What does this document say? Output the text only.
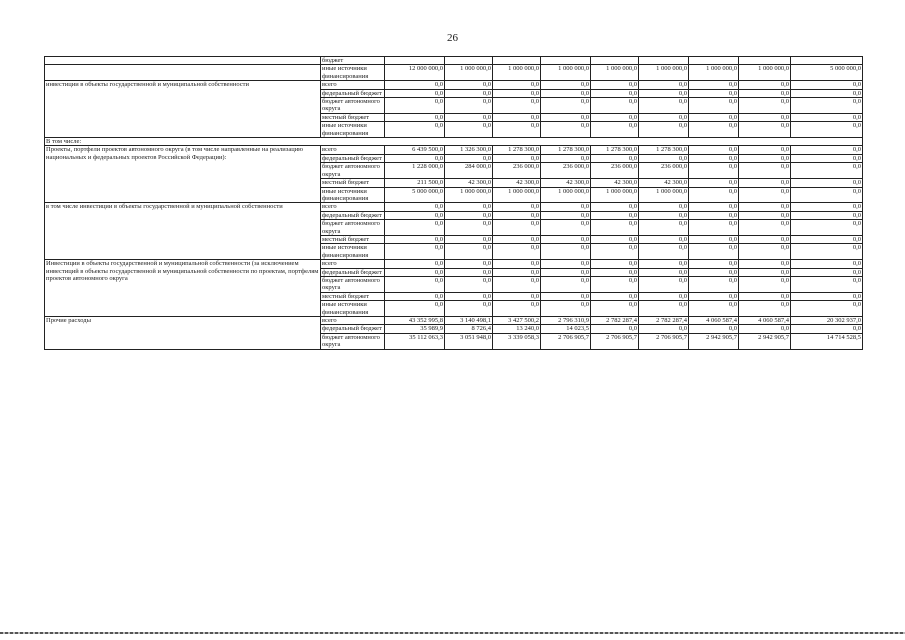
26
	бюджет									
	иные источники финансирования	12 000 000,0	1 000 000,0	1 000 000,0	1 000 000,0	1 000 000,0	1 000 000,0	1 000 000,0	1 000 000,0	5 000 000,0
инвестиции в объекты государственной и муниципальной собственности	всего	0,0	0,0	0,0	0,0	0,0	0,0	0,0	0,0	0,0
	федеральный бюджет	0,0	0,0	0,0	0,0	0,0	0,0	0,0	0,0	0,0
	бюджет автономного округа	0,0	0,0	0,0	0,0	0,0	0,0	0,0	0,0	0,0
	местный бюджет	0,0	0,0	0,0	0,0	0,0	0,0	0,0	0,0	0,0
	иные источники финансирования	0,0	0,0	0,0	0,0	0,0	0,0	0,0	0,0	0,0
В том числе:										
Проекты, портфели проектов автономного округа (в том числе направленные на реализацию национальных и федеральных проектов Российской Федерации):	всего	6 439 500,0	1 326 300,0	1 278 300,0	1 278 300,0	1 278 300,0	1 278 300,0	0,0	0,0	0,0
	федеральный бюджет	0,0	0,0	0,0	0,0	0,0	0,0	0,0	0,0	0,0
	бюджет автономного округа	1 228 000,0	284 000,0	236 000,0	236 000,0	236 000,0	236 000,0	0,0	0,0	0,0
	местный бюджет	211 500,0	42 300,0	42 300,0	42 300,0	42 300,0	42 300,0	0,0	0,0	0,0
	иные источники финансирования	5 000 000,0	1 000 000,0	1 000 000,0	1 000 000,0	1 000 000,0	1 000 000,0	0,0	0,0	0,0
в том числе инвестиции в объекты государственной и муниципальной собственности	всего	0,0	0,0	0,0	0,0	0,0	0,0	0,0	0,0	0,0
	федеральный бюджет	0,0	0,0	0,0	0,0	0,0	0,0	0,0	0,0	0,0
	бюджет автономного округа	0,0	0,0	0,0	0,0	0,0	0,0	0,0	0,0	0,0
	местный бюджет	0,0	0,0	0,0	0,0	0,0	0,0	0,0	0,0	0,0
	иные источники финансирования	0,0	0,0	0,0	0,0	0,0	0,0	0,0	0,0	0,0
Инвестиции в объекты государственной и муниципальной собственности (за исключением инвестиций в объекты государственной и муниципальной собственности по проектам, портфелям проектов автономного округа	всего	0,0	0,0	0,0	0,0	0,0	0,0	0,0	0,0	0,0
	федеральный бюджет	0,0	0,0	0,0	0,0	0,0	0,0	0,0	0,0	0,0
	бюджет автономного округа	0,0	0,0	0,0	0,0	0,0	0,0	0,0	0,0	0,0
	местный бюджет	0,0	0,0	0,0	0,0	0,0	0,0	0,0	0,0	0,0
	иные источники финансирования	0,0	0,0	0,0	0,0	0,0	0,0	0,0	0,0	0,0
Прочие расходы	всего	43 352 995,8	3 140 498,1	3 427 500,2	2 796 310,9	2 782 287,4	2 782 287,4	4 060 587,4	4 060 587,4	20 302 937,0
	федеральный бюджет	35 989,9	8 726,4	13 240,0	14 023,5	0,0	0,0	0,0	0,0	0,0
	бюджет автономного округа	35 112 063,3	3 051 948,0	3 339 058,3	2 706 905,7	2 706 905,7	2 706 905,7	2 942 905,7	2 942 905,7	14 714 528,5
